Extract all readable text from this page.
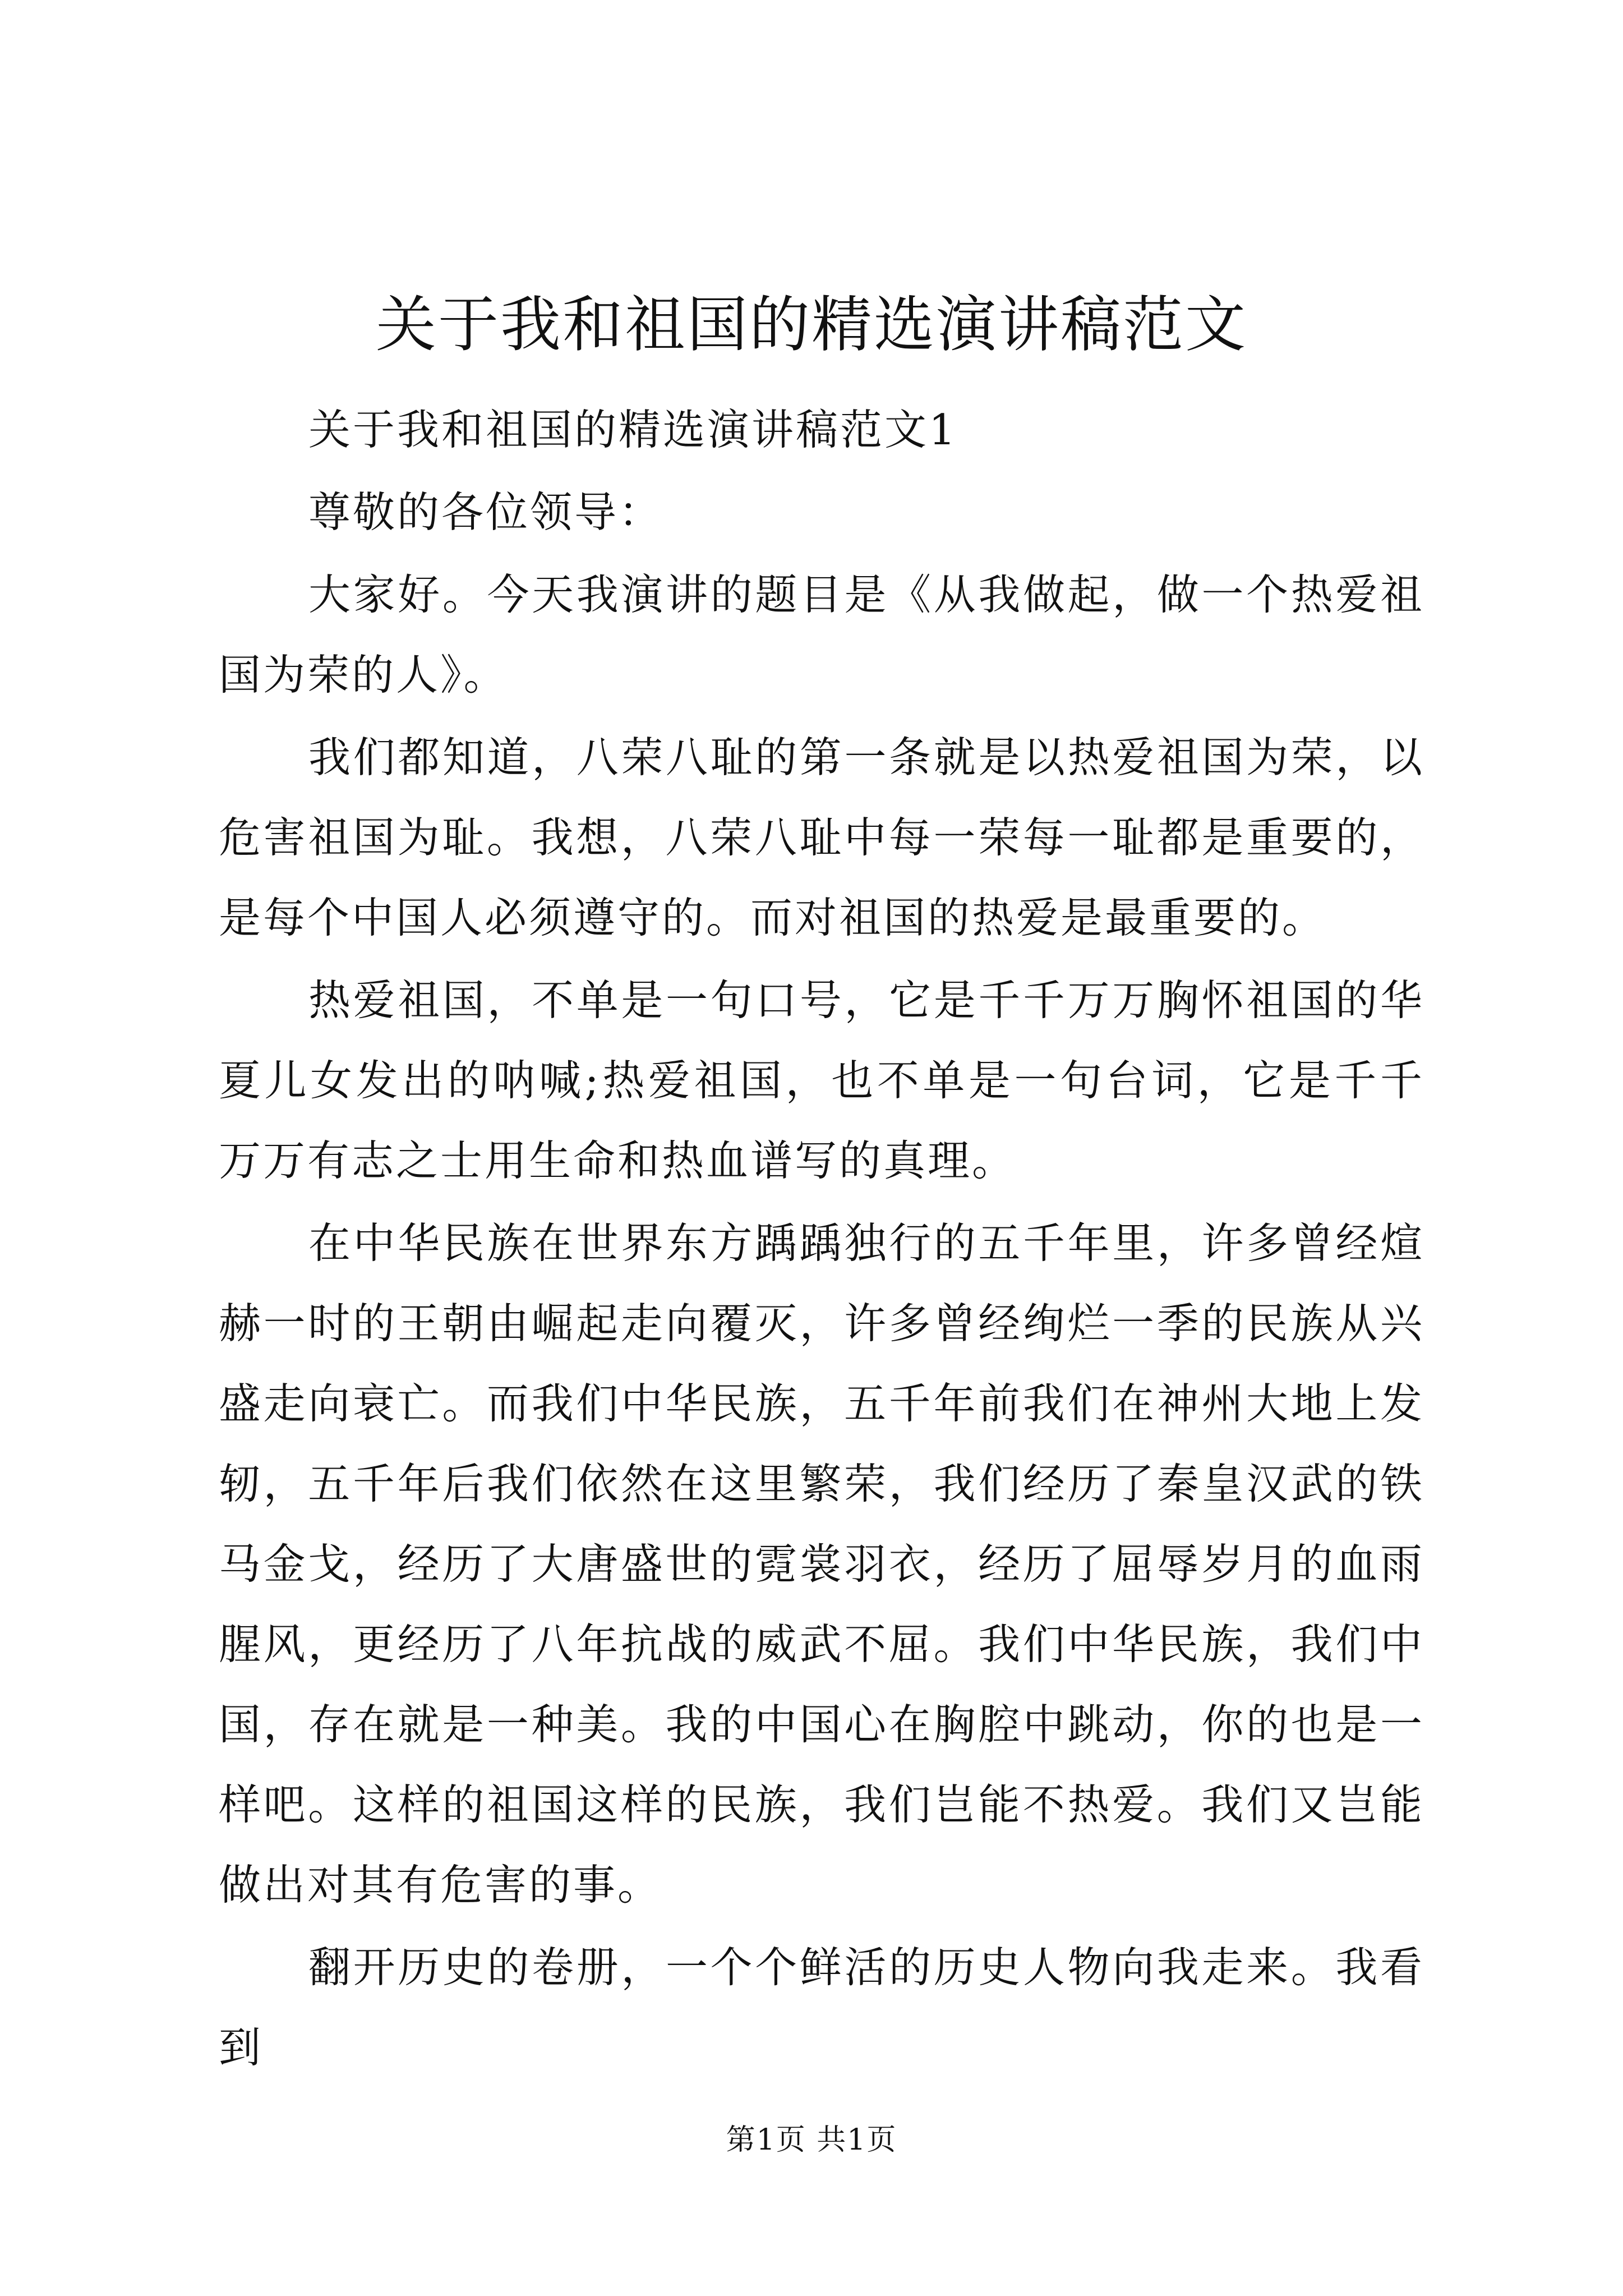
关于我和祖国的精选演讲稿范文

关于我和祖国的精选演讲稿范文1

尊敬的各位领导：

大家好。今天我演讲的题目是《从我做起，做一个热爱祖国为荣的人》。

我们都知道，八荣八耻的第一条就是以热爱祖国为荣，以危害祖国为耻。我想，八荣八耻中每一荣每一耻都是重要的，是每个中国人必须遵守的。而对祖国的热爱是最重要的。

热爱祖国，不单是一句口号，它是千千万万胸怀祖国的华夏儿女发出的呐喊;热爱祖国，也不单是一句台词，它是千千万万有志之士用生命和热血谱写的真理。

在中华民族在世界东方踽踽独行的五千年里，许多曾经煊赫一时的王朝由崛起走向覆灭，许多曾经绚烂一季的民族从兴盛走向衰亡。而我们中华民族，五千年前我们在神州大地上发轫，五千年后我们依然在这里繁荣，我们经历了秦皇汉武的铁马金戈，经历了大唐盛世的霓裳羽衣，经历了屈辱岁月的血雨腥风，更经历了八年抗战的威武不屈。我们中华民族，我们中国，存在就是一种美。我的中国心在胸腔中跳动，你的也是一样吧。这样的祖国这样的民族，我们岂能不热爱。我们又岂能做出对其有危害的事。

翻开历史的卷册，一个个鲜活的历史人物向我走来。我看到

第1页 共1页
